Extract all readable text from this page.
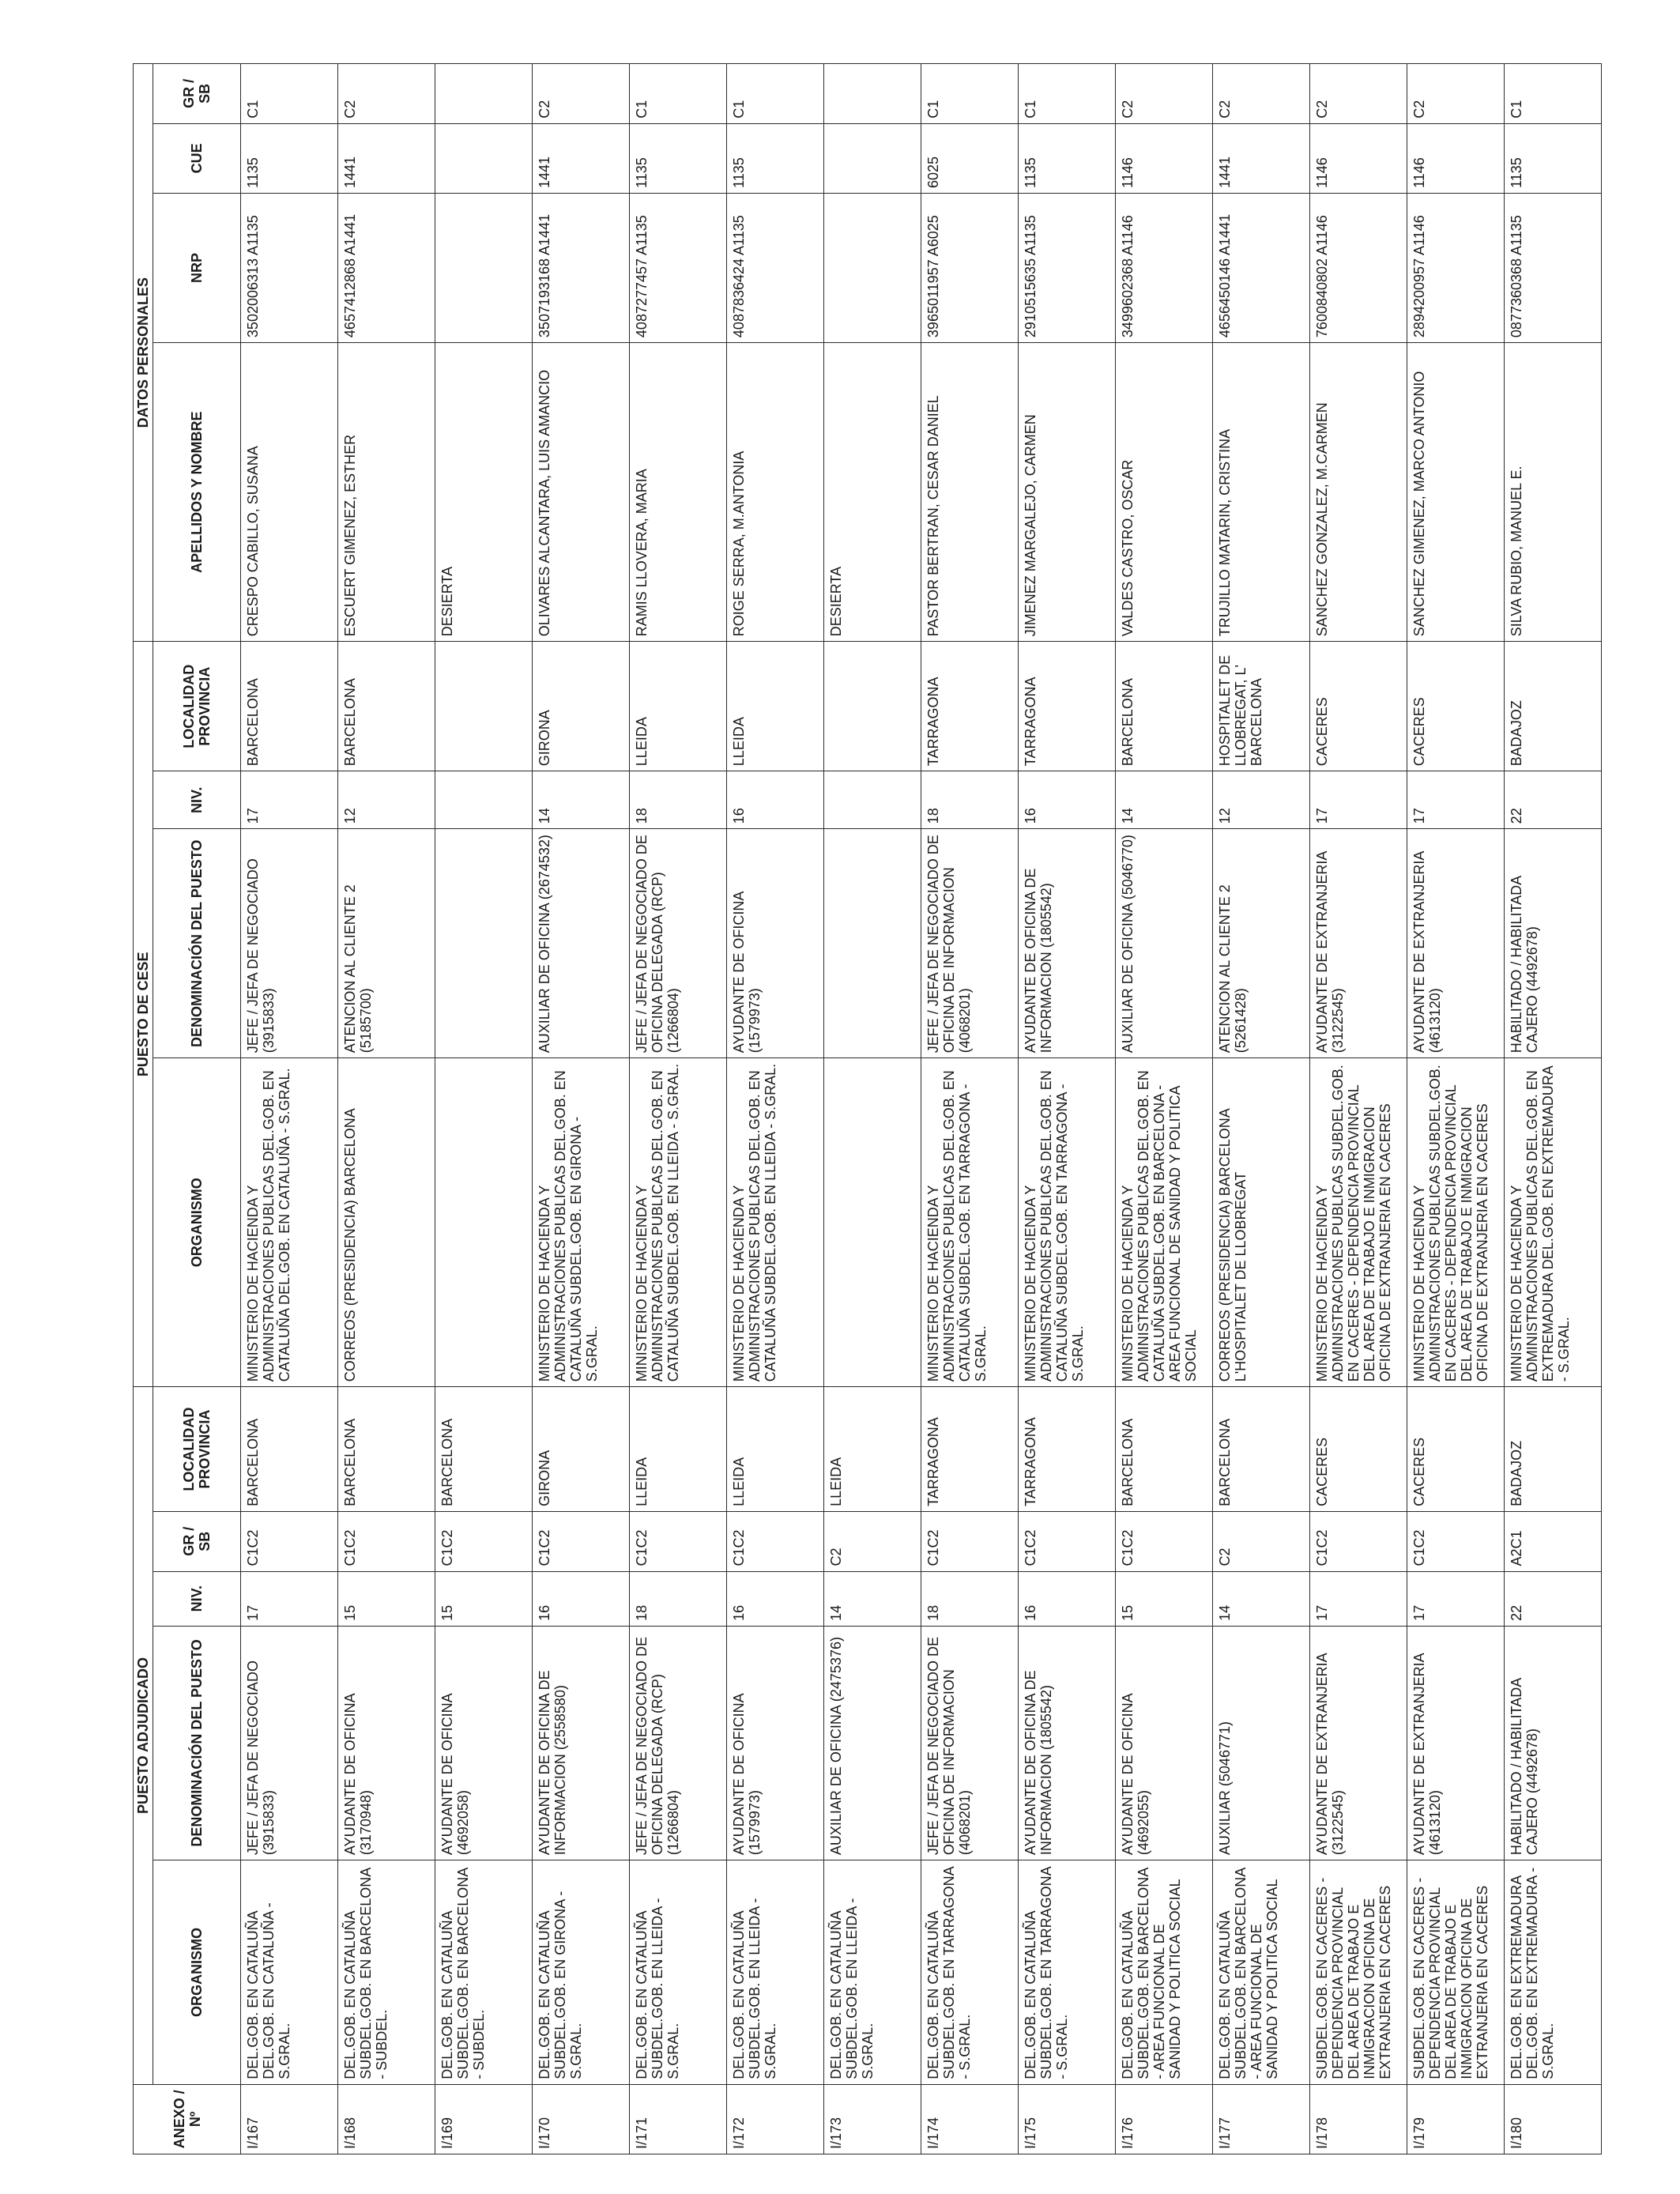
ANEXO / Nº	PUESTO ADJUDICADO					PUESTO DE CESE				DATOS PERSONALES			
	ORGANISMO	DENOMINACIÓN DEL PUESTO	NIV.	GR / SB	LOCALIDAD PROVINCIA	ORGANISMO	DENOMINACIÓN DEL PUESTO	NIV.	LOCALIDAD PROVINCIA	APELLIDOS Y NOMBRE	NRP	CUE	GR / SB
I/167	DEL.GOB. EN CATALUÑA DEL.GOB. EN CATALUÑA - S.GRAL.	JEFE / JEFA DE NEGOCIADO (3915833)	17	C1C2	BARCELONA	MINISTERIO DE HACIENDA Y ADMINISTRACIONES PUBLICAS DEL.GOB. EN CATALUÑA DEL.GOB. EN CATALUÑA - S.GRAL.	JEFE / JEFA DE NEGOCIADO (3915833)	17	BARCELONA	CRESPO CABILLO, SUSANA	3502006313 A1135	1135	C1
I/168	DEL.GOB. EN CATALUÑA SUBDEL.GOB. EN BARCELONA - SUBDEL.	AYUDANTE DE OFICINA (3170948)	15	C1C2	BARCELONA	CORREOS (PRESIDENCIA) BARCELONA	ATENCION AL CLIENTE 2 (5185700)	12	BARCELONA	ESCUERT GIMENEZ, ESTHER	4657412868 A1441	1441	C2
I/169	DEL.GOB. EN CATALUÑA SUBDEL.GOB. EN BARCELONA - SUBDEL.	AYUDANTE DE OFICINA (4692058)	15	C1C2	BARCELONA					DESIERTA			
I/170	DEL.GOB. EN CATALUÑA SUBDEL.GOB. EN GIRONA - S.GRAL.	AYUDANTE DE OFICINA DE INFORMACION (2558580)	16	C1C2	GIRONA	MINISTERIO DE HACIENDA Y ADMINISTRACIONES PUBLICAS DEL.GOB. EN CATALUÑA SUBDEL.GOB. EN GIRONA - S.GRAL.	AUXILIAR DE OFICINA (2674532)	14	GIRONA	OLIVARES ALCANTARA, LUIS AMANCIO	3507193168 A1441	1441	C2
I/171	DEL.GOB. EN CATALUÑA SUBDEL.GOB. EN LLEIDA - S.GRAL.	JEFE / JEFA DE NEGOCIADO DE OFICINA DELEGADA (RCP) (1266804)	18	C1C2	LLEIDA	MINISTERIO DE HACIENDA Y ADMINISTRACIONES PUBLICAS DEL.GOB. EN CATALUÑA SUBDEL.GOB. EN LLEIDA - S.GRAL.	JEFE / JEFA DE NEGOCIADO DE OFICINA DELEGADA (RCP) (1266804)	18	LLEIDA	RAMIS LLOVERA, MARIA	4087277457 A1135	1135	C1
I/172	DEL.GOB. EN CATALUÑA SUBDEL.GOB. EN LLEIDA - S.GRAL.	AYUDANTE DE OFICINA (1579973)	16	C1C2	LLEIDA	MINISTERIO DE HACIENDA Y ADMINISTRACIONES PUBLICAS DEL.GOB. EN CATALUÑA SUBDEL.GOB. EN LLEIDA - S.GRAL.	AYUDANTE DE OFICINA (1579973)	16	LLEIDA	ROIGE SERRA, M.ANTONIA	4087836424 A1135	1135	C1
I/173	DEL.GOB. EN CATALUÑA SUBDEL.GOB. EN LLEIDA - S.GRAL.	AUXILIAR DE OFICINA (2475376)	14	C2	LLEIDA					DESIERTA			
I/174	DEL.GOB. EN CATALUÑA SUBDEL.GOB. EN TARRAGONA - S.GRAL.	JEFE / JEFA DE NEGOCIADO DE OFICINA DE INFORMACION (4068201)	18	C1C2	TARRAGONA	MINISTERIO DE HACIENDA Y ADMINISTRACIONES PUBLICAS DEL.GOB. EN CATALUÑA SUBDEL.GOB. EN TARRAGONA - S.GRAL.	JEFE / JEFA DE NEGOCIADO DE OFICINA DE INFORMACION (4068201)	18	TARRAGONA	PASTOR BERTRAN, CESAR DANIEL	3965011957 A6025	6025	C1
I/175	DEL.GOB. EN CATALUÑA SUBDEL.GOB. EN TARRAGONA - S.GRAL.	AYUDANTE DE OFICINA DE INFORMACION (1805542)	16	C1C2	TARRAGONA	MINISTERIO DE HACIENDA Y ADMINISTRACIONES PUBLICAS DEL.GOB. EN CATALUÑA SUBDEL.GOB. EN TARRAGONA - S.GRAL.	AYUDANTE DE OFICINA DE INFORMACION (1805542)	16	TARRAGONA	JIMENEZ MARGALEJO, CARMEN	2910515635 A1135	1135	C1
I/176	DEL.GOB. EN CATALUÑA SUBDEL.GOB. EN BARCELONA - AREA FUNCIONAL DE SANIDAD Y POLITICA SOCIAL	AYUDANTE DE OFICINA (4692055)	15	C1C2	BARCELONA	MINISTERIO DE HACIENDA Y ADMINISTRACIONES PUBLICAS DEL.GOB. EN CATALUÑA SUBDEL.GOB. EN BARCELONA - AREA FUNCIONAL DE SANIDAD Y POLITICA SOCIAL	AUXILIAR DE OFICINA (5046770)	14	BARCELONA	VALDES CASTRO, OSCAR	3499602368 A1146	1146	C2
I/177	DEL.GOB. EN CATALUÑA SUBDEL.GOB. EN BARCELONA - AREA FUNCIONAL DE SANIDAD Y POLITICA SOCIAL	AUXILIAR (5046771)	14	C2	BARCELONA	CORREOS (PRESIDENCIA) BARCELONA L'HOSPITALET DE LLOBREGAT	ATENCION AL CLIENTE 2 (5261428)	12	HOSPITALET DE LLOBREGAT, L' BARCELONA	TRUJILLO MATARIN, CRISTINA	4656450146 A1441	1441	C2
I/178	SUBDEL.GOB. EN CACERES - DEPENDENCIA PROVINCIAL DEL AREA DE TRABAJO E INMIGRACION OFICINA DE EXTRANJERIA EN CACERES	AYUDANTE DE EXTRANJERIA (3122545)	17	C1C2	CACERES	MINISTERIO DE HACIENDA Y ADMINISTRACIONES PUBLICAS SUBDEL.GOB. EN CACERES - DEPENDENCIA PROVINCIAL DEL AREA DE TRABAJO E INMIGRACION OFICINA DE EXTRANJERIA EN CACERES	AYUDANTE DE EXTRANJERIA (3122545)	17	CACERES	SANCHEZ GONZALEZ, M.CARMEN	7600840802 A1146	1146	C2
I/179	SUBDEL.GOB. EN CACERES - DEPENDENCIA PROVINCIAL DEL AREA DE TRABAJO E INMIGRACION OFICINA DE EXTRANJERIA EN CACERES	AYUDANTE DE EXTRANJERIA (4613120)	17	C1C2	CACERES	MINISTERIO DE HACIENDA Y ADMINISTRACIONES PUBLICAS SUBDEL.GOB. EN CACERES - DEPENDENCIA PROVINCIAL DEL AREA DE TRABAJO E INMIGRACION OFICINA DE EXTRANJERIA EN CACERES	AYUDANTE DE EXTRANJERIA (4613120)	17	CACERES	SANCHEZ GIMENEZ, MARCO ANTONIO	2894200957 A1146	1146	C2
I/180	DEL.GOB. EN EXTREMADURA DEL.GOB. EN EXTREMADURA - S.GRAL.	HABILITADO / HABILITADA CAJERO (4492678)	22	A2C1	BADAJOZ	MINISTERIO DE HACIENDA Y ADMINISTRACIONES PUBLICAS DEL.GOB. EN EXTREMADURA DEL.GOB. EN EXTREMADURA - S.GRAL.	HABILITADO / HABILITADA CAJERO (4492678)	22	BADAJOZ	SILVA RUBIO, MANUEL E.	0877360368 A1135	1135	C1
